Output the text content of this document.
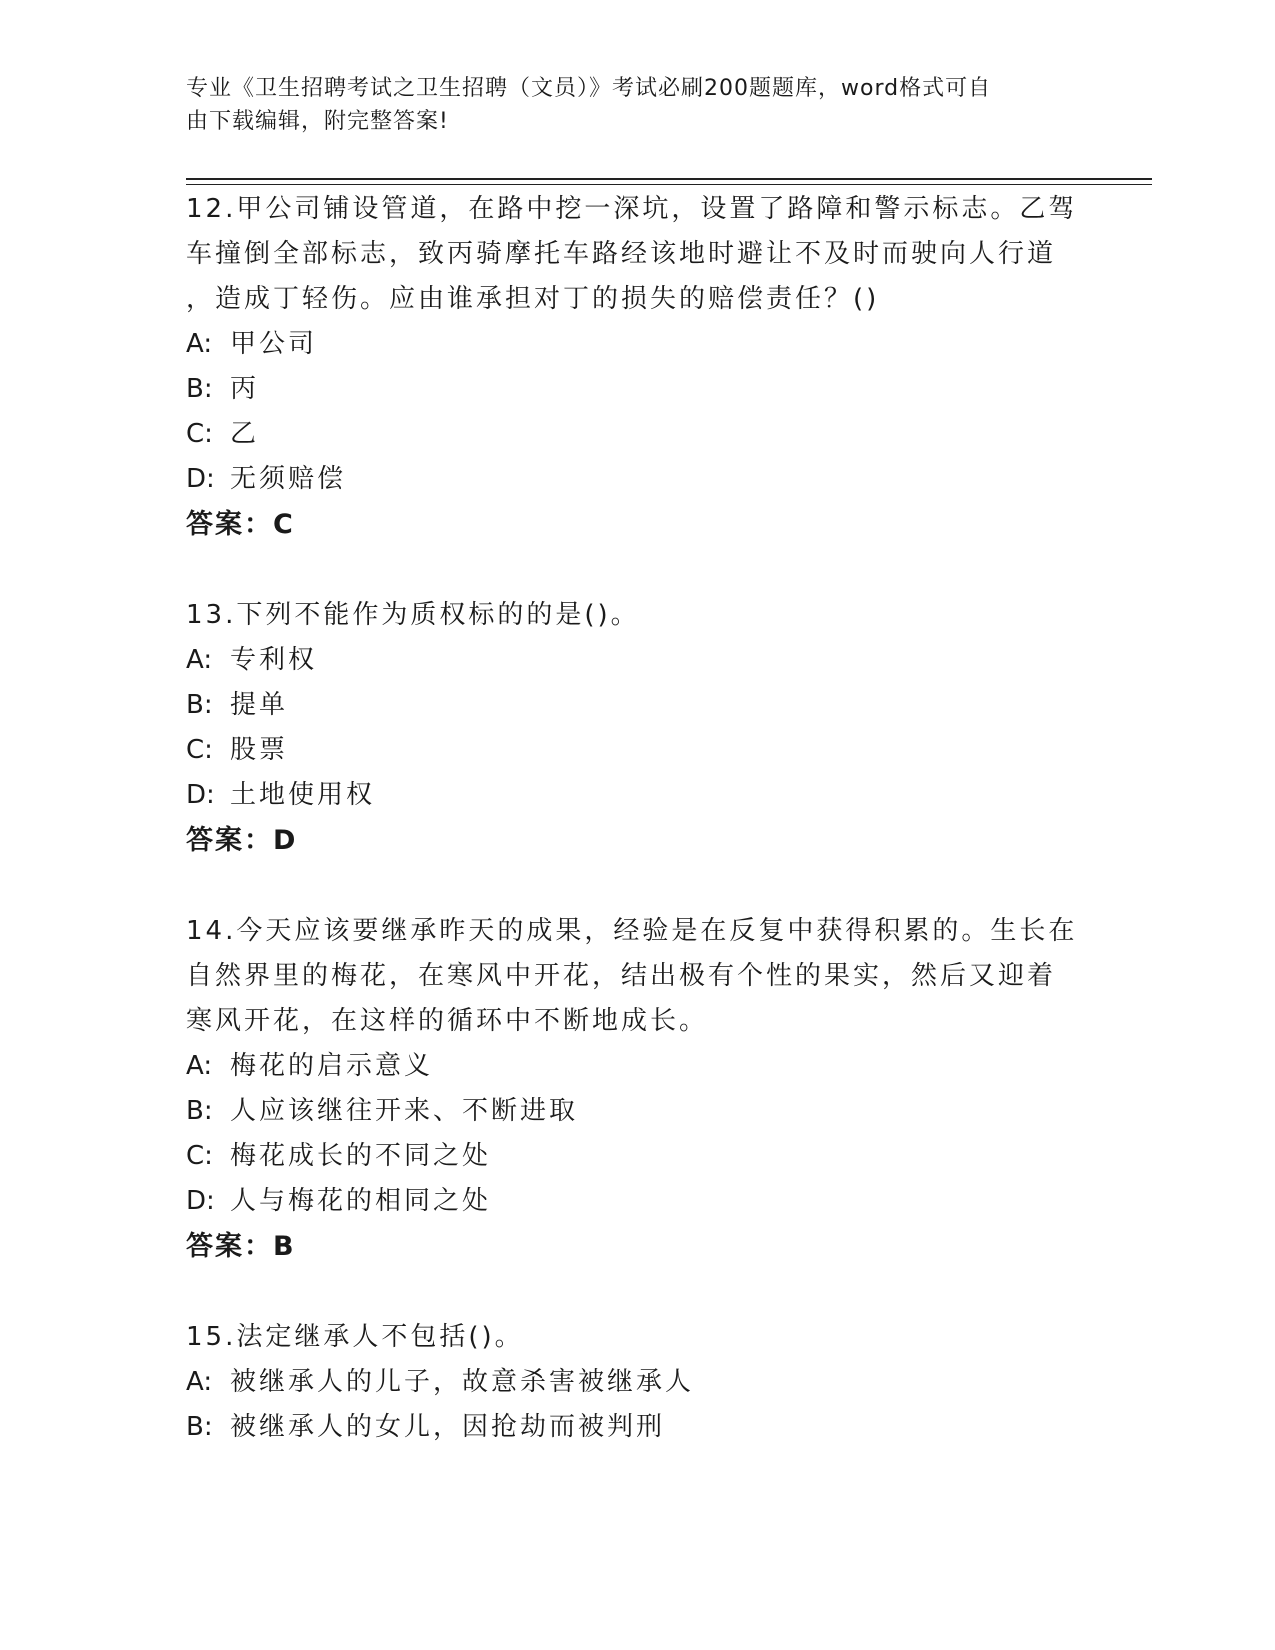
专业《卫生招聘考试之卫生招聘（文员）》考试必刷200题题库，word格式可自
由下载编辑，附完整答案!

12.甲公司铺设管道，在路中挖一深坑，设置了路障和警示标志。乙驾

车撞倒全部标志，致丙骑摩托车路经该地时避让不及时而驶向人行道

，造成丁轻伤。应由谁承担对丁的损失的赔偿责任？()

A: 甲公司

B: 丙

C: 乙

D: 无须赔偿

答案：C

13.下列不能作为质权标的的是()。

A: 专利权

B: 提单

C: 股票

D: 土地使用权

答案：D

14.今天应该要继承昨天的成果，经验是在反复中获得积累的。生长在

自然界里的梅花，在寒风中开花，结出极有个性的果实，然后又迎着

寒风开花，在这样的循环中不断地成长。

A: 梅花的启示意义

B: 人应该继往开来、不断进取

C: 梅花成长的不同之处

D: 人与梅花的相同之处

答案：B

15.法定继承人不包括()。

A: 被继承人的儿子，故意杀害被继承人

B: 被继承人的女儿，因抢劫而被判刑
